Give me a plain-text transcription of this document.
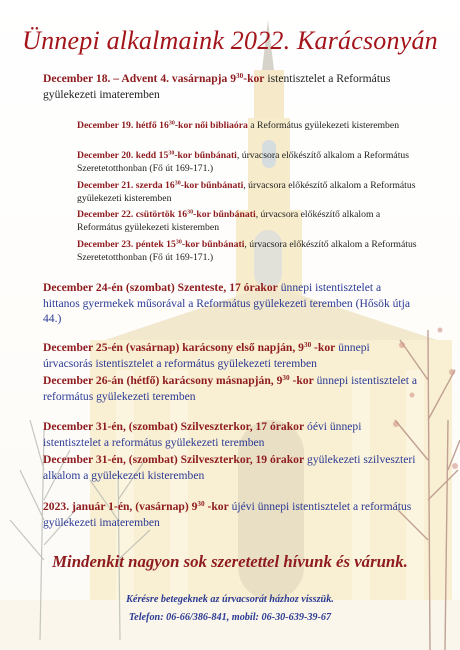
Ünnepi alkalmaink 2022. Karácsonyán
December 18. – Advent 4. vasárnapja $9^{30}$-kor istentisztelet a Református gyülekezeti imateremben
December 19. hétfő $16^{30}$-kor női bibliaóra a Református gyülekezeti kisteremben
December 20. kedd $15^{30}$-kor bűnbánati, úrvacsora előkészítő alkalom a Református Szeretetotthonban (Fő út 169-171.)
December 21. szerda $16^{30}$-kor bűnbánati, úrvacsora előkészítő alkalom a Református gyülekezeti kisteremben
December 22. csütörtök $16^{30}$-kor bűnbánati, úrvacsora előkészítő alkalom a Református gyülekezeti kisteremben
December 23. péntek $15^{30}$-kor bűnbánati, úrvacsora előkészítő alkalom a Református Szeretetotthonban (Fő út 169-171.)
December 24-én (szombat) Szenteste, 17 órakor ünnepi istentisztelet a hittanos gyermekek műsorával a Református gyülekezeti teremben (Hősök útja 44.)
December 25-én (vasárnap) karácsony első napján, $9^{30}$ -kor ünnepi úrvacsorás istentisztelet a református gyülekezeti teremben
December 26-án (hétfő) karácsony másnapján, $9^{30}$ -kor ünnepi istentisztelet a református gyülekezeti teremben
December 31-én, (szombat) Szilveszterkor, 17 órakor óévi ünnepi istentisztelet a református gyülekezeti teremben
December 31-én, (szombat) Szilveszterkor, 19 órakor gyülekezeti szilveszteri alkalom a gyülekezeti kisteremben
2023. január 1-én, (vasárnap) $9^{30}$ -kor újévi ünnepi istentisztelet a református gyülekezeti imateremben
Mindenkit nagyon sok szeretettel hívunk és várunk.
Kérésre betegeknek az úrvacsorát házhoz visszük.
Telefon: 06-66/386-841, mobil: 06-30-639-39-67
